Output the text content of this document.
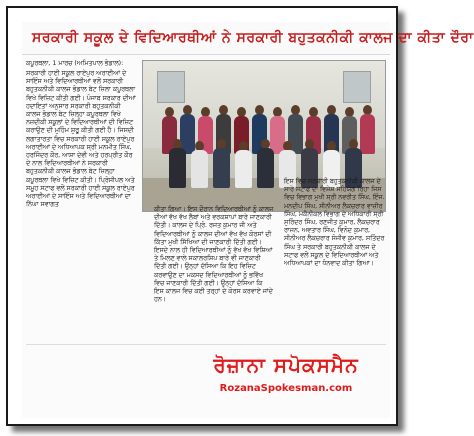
ਸਰਕਾਰੀ ਸਕੂਲ ਦੇ ਵਿਦਿਆਰਥੀਆਂ ਨੇ ਸਰਕਾਰੀ ਬਹੁਤਕਨੀਕੀ ਕਾਲਜ ਦਾ ਕੀਤਾ ਦੌਰਾ
ਕਪੂਰਥਲਾ, 1 ਮਾਰਚ (ਅਮਿਤਪਾਲ ਭੰਡਾਲ):
ਸਰਕਾਰੀ ਹਾਈ ਸਕੂਲ ਰਾਏਪੁਰ ਅਰਾਈਆਂ ਦੇ ਸਾਇੰਸ ਅਤੇ ਵਿਦਿਆਰਥੀਆਂ ਵਲੋਂ ਸਰਕਾਰੀ ਬਹੁਤਕਨੀਕੀ ਕਾਲਜ ਭੰਡਾਲ ਬੇਟ ਜ਼ਿਲਾ ਕਪੂਰਥਲਾ ਵਿਖੇ ਵਿਜ਼ਿਟ ਕੀਤੀ ਗਈ। ਪੰਜਾਬ ਸਰਕਾਰ ਦੀਆਂ ਹਦਾਇਤਾਂ ਅਨੁਸਾਰ ਸਰਕਾਰੀ ਬਹੁਤਕਨੀਕੀ ਕਾਲਜ ਭੰਡਾਲ ਬੇਟ ਜ਼ਿਲ੍ਹਾ ਕਪੂਰਥਲਾ ਵਿਖੇ ਨਜ਼ਦੀਕੀ ਸਕੂਲਾਂ ਦੇ ਵਿਦਿਆਰਥੀਆਂ ਦੀ ਵਿਜ਼ਿਟ ਕਰਾਉਣ ਦੀ ਮੁਹਿੰਮ ਸ਼ੁਰੂ ਕੀਤੀ ਗਈ ਹੈ। ਜਿਸਦੀ ਲਗਾਤਾਰਤਾ ਵਿਚ ਸਰਕਾਰੀ ਹਾਈ ਸਕੂਲ ਰਾਏਪੁਰ ਅਰਾਈਆਂ ਦੇ ਅਧਿਆਪਕ ਸ੍ਰੀ ਮਨਮੀਤ ਸਿੰਘ, ਹਰਜਿੰਦਰ ਕੌਰ, ਆਸ਼ਾ ਦੇਵੀ ਅਤੇ ਹਰਪ੍ਰੀਤ ਕੌਰ ਦੇ ਨਾਲ ਵਿਦਿਆਰਥੀਆਂ ਨੇ ਸਰਕਾਰੀ ਬਹੁਤਕਨੀਕੀ ਕਾਲਜ ਭੰਡਾਲ ਬੇਟ ਜ਼ਿਲ੍ਹਾ ਕਪੂਰਥਲਾ ਵਿਖੇ ਵਿਜ਼ਿਟ ਕੀਤੀ। ਪ੍ਰਿੰਸੀਪਲ ਅਤੇ ਸਮੂਹ ਸਟਾਫ ਵਲੋਂ ਸਰਕਾਰੀ ਹਾਈ ਸਕੂਲ ਰਾਏਪੁਰ ਅਰਾਈਆਂ ਦੇ ਸਾਇੰਸ ਅਤੇ ਵਿਦਿਆਰਥੀਆਂ ਦਾ ਨਿੱਘਾ ਸਵਾਗਤ
ਕੀਤਾ ਗਿਆ। ਇਸ ਦੌਰਾਨ ਵਿਦਿਆਰਥੀਆਂ ਨੂੰ ਕਾਲਜ ਦੀਆਂ ਵੱਖ ਵੱਖ ਲੈਬਾਂ ਅਤੇ ਵਰਕਸ਼ਾਪਾਂ ਬਾਰੇ ਜਾਣਕਾਰੀ ਦਿੱਤੀ। ਕਾਲਜ ਦੇ ਪ੍ਰਿੰ. ਰਜਤ ਕੁਮਾਰ ਜੀ ਅਤੇ ਵਿਦਿਆਰਥੀਆਂ ਨੂੰ ਕਾਲਜ ਦੀਆਂ ਵੱਖ ਵੱਖ ਕੋਰਸਾਂ ਦੀ ਕਿੱਤਾ ਮੁਖੀ ਸਿੱਖਿਆ ਦੀ ਜਾਣਕਾਰੀ ਦਿੱਤੀ ਗਈ। ਇਸਦੇ ਨਾਲ ਹੀ ਵਿਦਿਆਰਥੀਆਂ ਨੂੰ ਵੱਖ ਵੱਖ ਵਿਸ਼ਿਆਂ ਤੇ ਮਿਲਣ ਵਾਲੇ ਸਕਾਲਰਸ਼ਿਪ ਬਾਰੇ ਵੀ ਜਾਣਕਾਰੀ ਦਿੱਤੀ ਗਈ। ਉਨ੍ਹਾਂ ਦੱਸਿਆ ਕਿ ਇਹ ਵਿਜ਼ਿਟ ਕਰਵਾਉਣ ਦਾ ਮਕਸਦ ਵਿਦਿਆਰਥੀਆਂ ਨੂੰ ਭਵਿੱਖ ਵਿਚ ਜਾਣਕਾਰੀ ਦਿੱਤੀ ਗਈ। ਉਨ੍ਹਾਂ ਦੱਸਿਆ ਕਿ ਇਸ ਕਾਲਜ ਵਿਚ ਕਈ ਤਰ੍ਹਾਂ ਦੇ ਕੋਰਸ ਕਰਵਾਏ ਜਾਂਦੇ ਹਨ।
ਇਸ ਵਿਚ ਸਰਕਾਰੀ ਬਹੁਤਕਨੀਕੀ ਕਾਲਜ ਦੇ ਸਾਰੇ ਸਟਾਫ ਦਾ ਵਿਸ਼ੇਸ਼ ਸਹਿਯੋਗ ਰਿਹਾ ਜਿਸ ਵਿਚ ਵਿਭਾਗ ਮੁਖੀ ਸ੍ਰੀ ਨਵਰੀਤ ਸਿੰਘ, ਇੰਜ. ਮਨਦੀਪ ਸਿੰਘ, ਸੀਨੀਅਰ ਲੈਕਚਰਾਰ ਵਾਜ਼ੀਰ ਸਿੰਘ, ਮਕੈਨੀਕਲ ਵਿਭਾਗ ਦੇ ਅਧਿਕਾਰੀ ਸ੍ਰੀ ਸੁਰਿੰਦਰ ਸਿੰਘ, ਰਣਜੀਤ ਕੁਮਾਰ, ਲੈਕਚਰਾਰ ਰਾਜਨ, ਅਵਤਾਰ ਸਿੰਘ, ਵਿਨੋਦ ਕੁਮਾਰ, ਸੀਨੀਅਰ ਲੈਕਚਰਾਰ ਸੰਜੀਵ ਕੁਮਾਰ, ਸਤਿੰਦਰ ਸਿੰਘ ਤੇ ਸਰਕਾਰੀ ਬਹੁਤਕਨੀਕੀ ਕਾਲਜ ਦੇ ਸਟਾਫ ਵਲੋਂ ਸਕੂਲ ਦੇ ਵਿਦਿਆਰਥੀਆਂ ਅਤੇ ਅਧਿਆਪਕਾਂ ਦਾ ਧੰਨਵਾਦ ਕੀਤਾ ਗਿਆ।
ਰੋਜ਼ਾਨਾ ਸਪੋਕਸਮੈਨ
RozanaSpokesman.com
